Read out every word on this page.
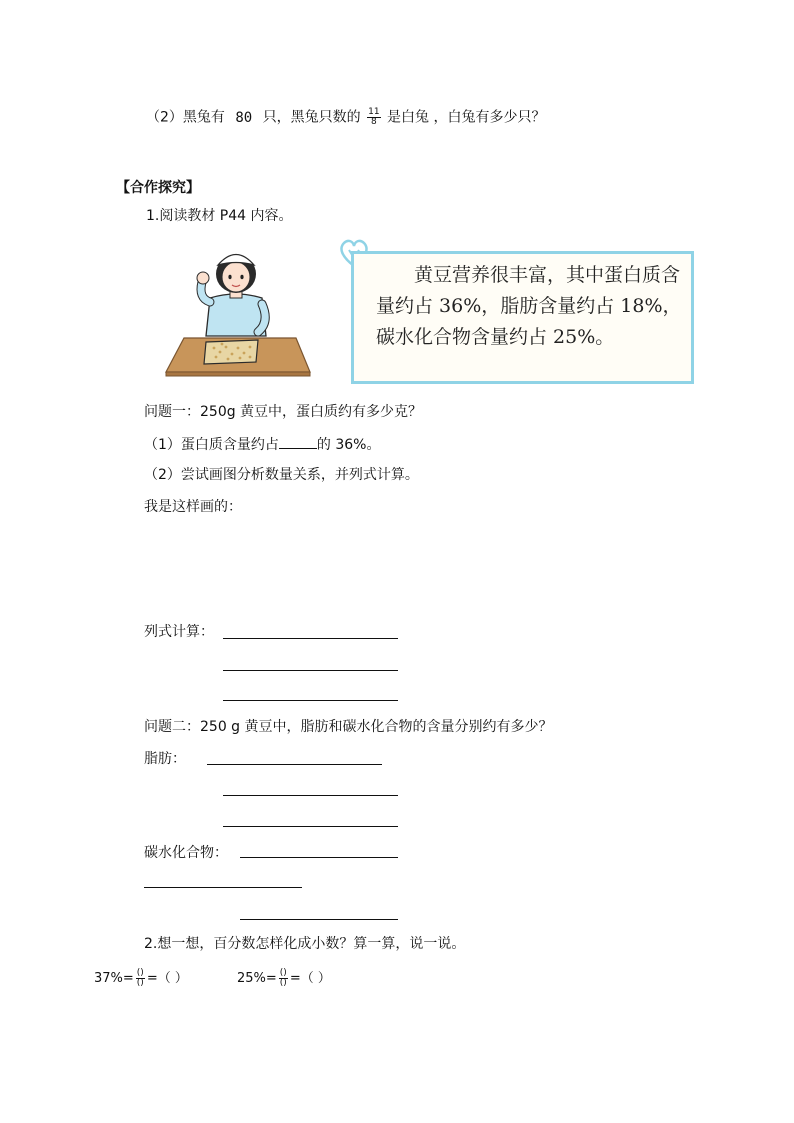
（2）黑兔有 80 只，黑兔只数的 $\frac{11}{8}$ 是白兔 ，白兔有多少只？
【合作探究】
1.阅读教材 P44 内容。
黄豆营养很丰富，其中蛋白质含量约占 36%，脂肪含量约占 18%，碳水化合物含量约占 25%。
问题一：250g 黄豆中，蛋白质约有多少克？
（1）蛋白质含量约占	的 36%。
（2）尝试画图分析数量关系，并列式计算。
我是这样画的：
列式计算：
问题二：250 g 黄豆中，脂肪和碳水化合物的含量分别约有多少？
脂肪：
碳水化合物：
2.想一想，百分数怎样化成小数？算一算，说一说。
$37\%= \frac{()}{()}$ =（ ）	$25\%= \frac{()}{()}$ =（ ）
